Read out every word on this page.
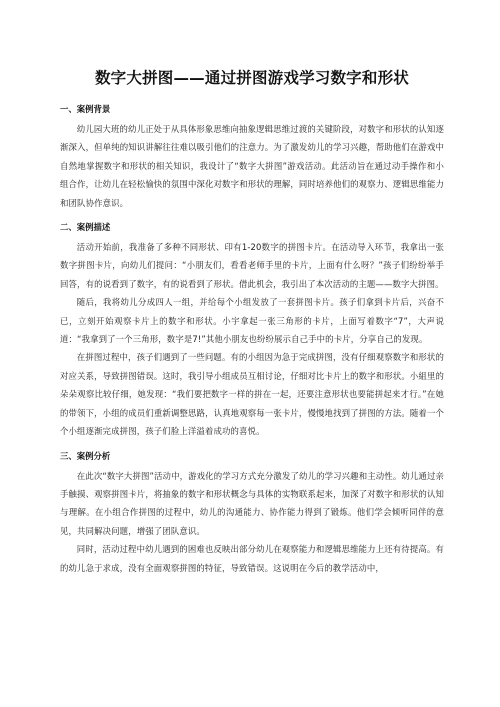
数字大拼图——通过拼图游戏学习数字和形状
一、案例背景

幼儿园大班的幼儿正处于从具体形象思维向抽象逻辑思维过渡的关键阶段，对数字和形状的认知逐渐深入，但单纯的知识讲解往往难以吸引他们的注意力。为了激发幼儿的学习兴趣，帮助他们在游戏中自然地掌握数字和形状的相关知识，我设计了“数字大拼图”游戏活动。此活动旨在通过动手操作和小组合作，让幼儿在轻松愉快的氛围中深化对数字和形状的理解，同时培养他们的观察力、逻辑思维能力和团队协作意识。

二、案例描述

活动开始前，我准备了多种不同形状、印有1-20数字的拼图卡片。在活动导入环节，我拿出一张数字拼图卡片，向幼儿们提问：“小朋友们，看看老师手里的卡片，上面有什么呀？”孩子们纷纷举手回答，有的说看到了数字，有的说看到了形状。借此机会，我引出了本次活动的主题——数字大拼图。

随后，我将幼儿分成四人一组，并给每个小组发放了一套拼图卡片。孩子们拿到卡片后，兴奋不已，立刻开始观察卡片上的数字和形状。小宇拿起一张三角形的卡片，上面写着数字“7”，大声说道：“我拿到了一个三角形，数字是7!”其他小朋友也纷纷展示自己手中的卡片，分享自己的发现。

在拼图过程中，孩子们遇到了一些问题。有的小组因为急于完成拼图，没有仔细观察数字和形状的对应关系，导致拼图错误。这时，我引导小组成员互相讨论，仔细对比卡片上的数字和形状。小組里的朵朵观察比较仔细，她发现：“我们要把数字一样的拼在一起，还要注意形状也要能拼起来才行。”在她的带领下，小组的成员们重新调整思路，认真地观察每一张卡片，慢慢地找到了拼图的方法。随着一个个小组逐渐完成拼图，孩子们脸上洋溢着成功的喜悦。

三、案例分析

在此次“数字大拼图”活动中，游戏化的学习方式充分激发了幼儿的学习兴趣和主动性。幼儿通过亲手触摸、观察拼图卡片，将抽象的数字和形状概念与具体的实物联系起来，加深了对数字和形状的认知与理解。在小组合作拼图的过程中，幼儿的沟通能力、协作能力得到了锻炼。他们学会倾听同伴的意见，共同解决问题，增强了团队意识。

同时，活动过程中幼儿遇到的困难也反映出部分幼儿在观察能力和逻辑思维能力上还有待提高。有的幼儿急于求成，没有全面观察拼图的特征，导致错误。这说明在今后的教学活动中，
